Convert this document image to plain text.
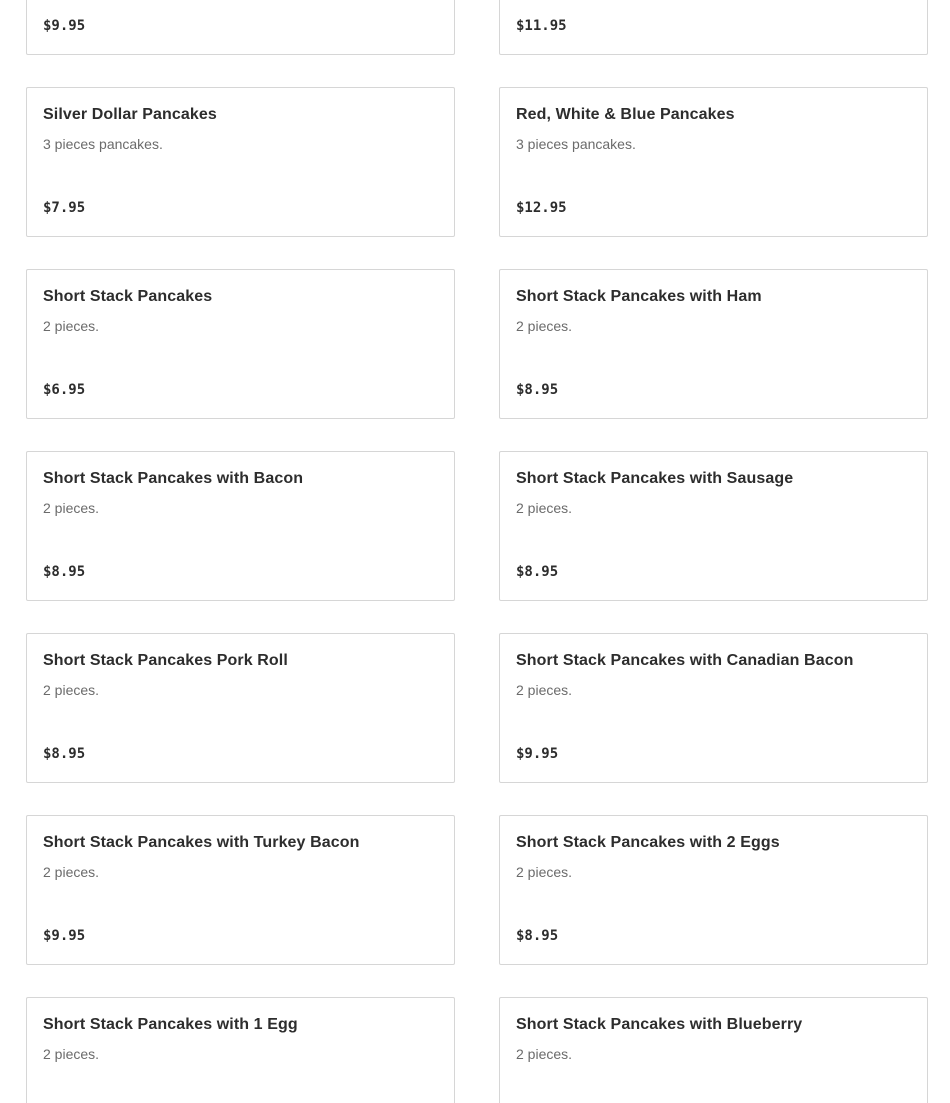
$9.95	$11.95
Silver Dollar Pancakes
3 pieces pancakes.
$7.95
Red, White & Blue Pancakes
3 pieces pancakes.
$12.95
Short Stack Pancakes
2 pieces.
$6.95
Short Stack Pancakes with Ham
2 pieces.
$8.95
Short Stack Pancakes with Bacon
2 pieces.
$8.95
Short Stack Pancakes with Sausage
2 pieces.
$8.95
Short Stack Pancakes Pork Roll
2 pieces.
$8.95
Short Stack Pancakes with Canadian Bacon
2 pieces.
$9.95
Short Stack Pancakes with Turkey Bacon
2 pieces.
$9.95
Short Stack Pancakes with 2 Eggs
2 pieces.
$8.95
Short Stack Pancakes with 1 Egg
2 pieces.
Short Stack Pancakes with Blueberry
2 pieces.
